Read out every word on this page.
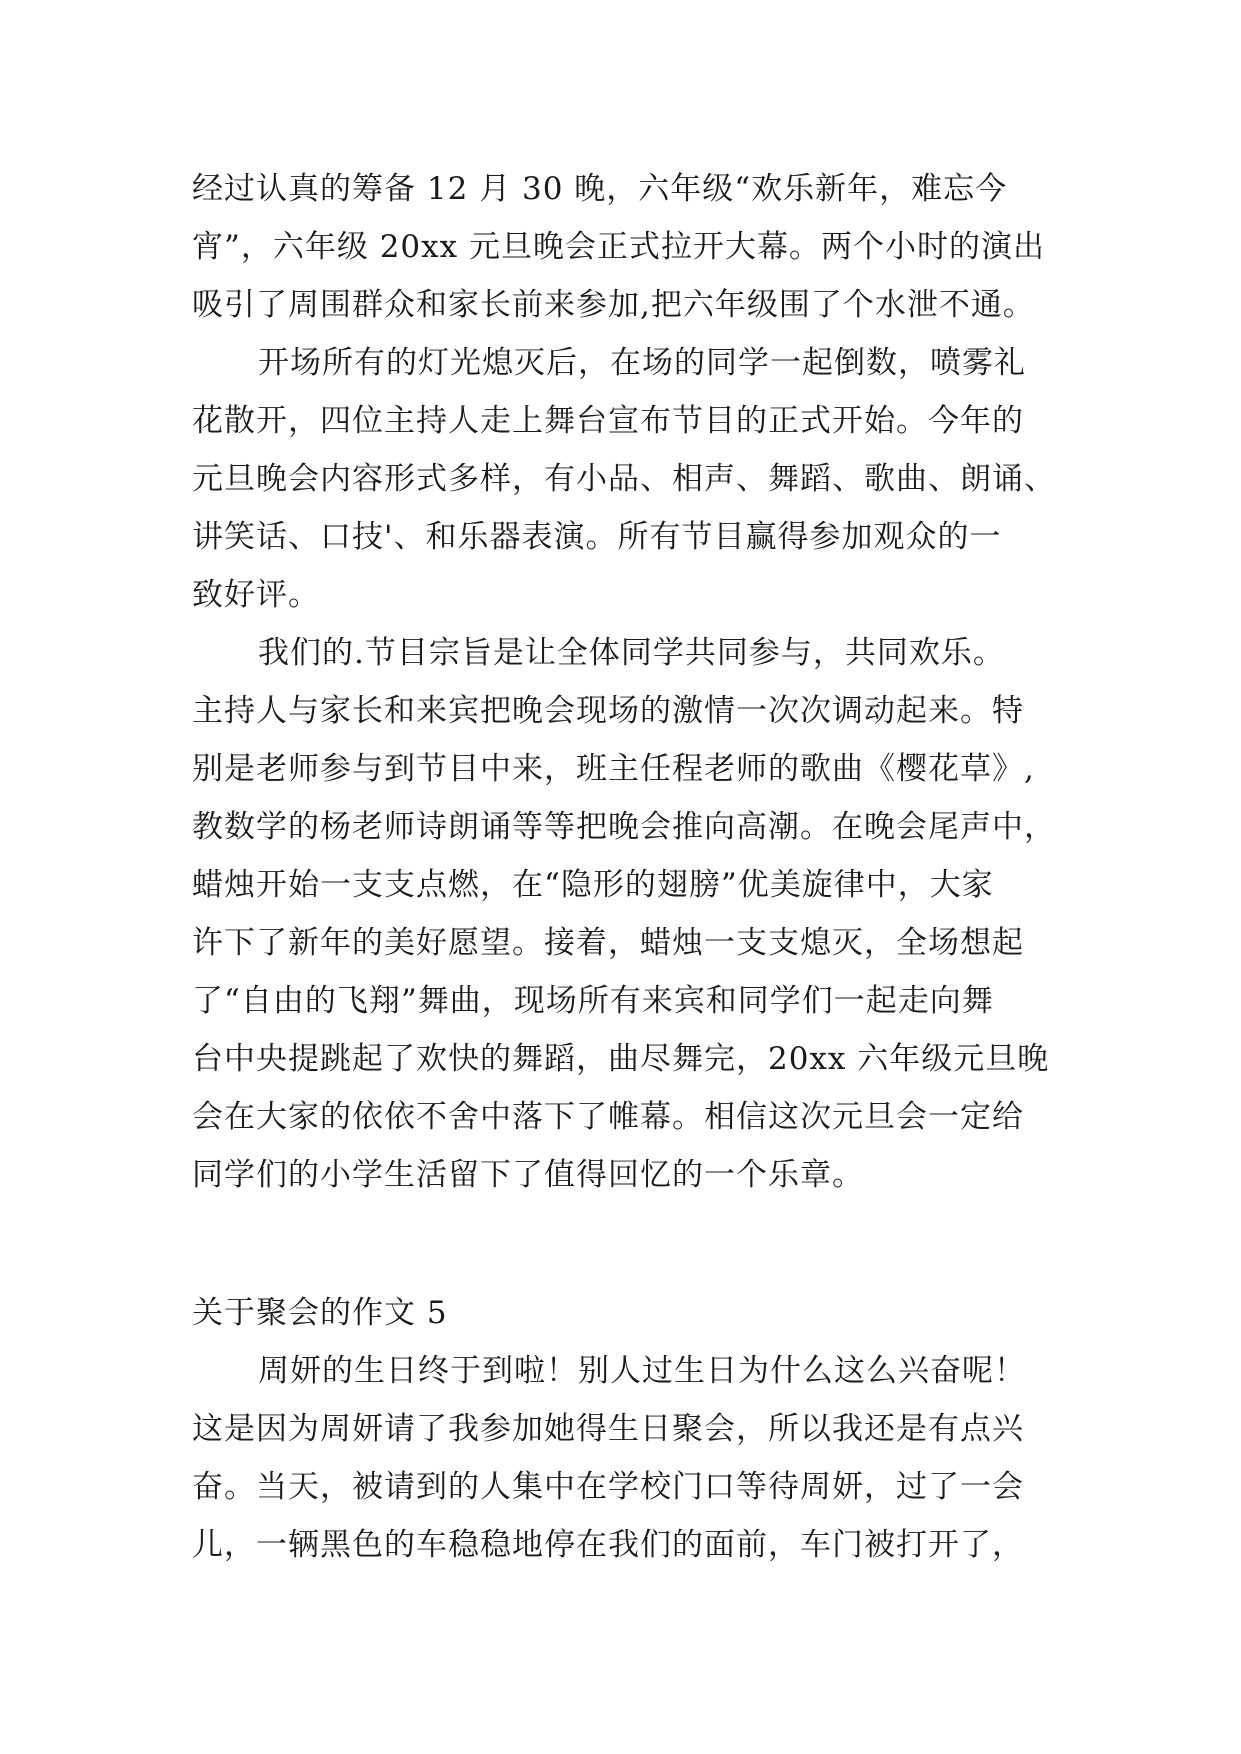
经过认真的筹备 12 月 30 晚，六年级“欢乐新年，难忘今
宵”，六年级 20xx 元旦晚会正式拉开大幕。两个小时的演出
吸引了周围群众和家长前来参加,把六年级围了个水泄不通。
开场所有的灯光熄灭后，在场的同学一起倒数，喷雾礼
花散开，四位主持人走上舞台宣布节目的正式开始。今年的
元旦晚会内容形式多样，有小品、相声、舞蹈、歌曲、朗诵、
讲笑话、口技'、和乐器表演。所有节目赢得参加观众的一
致好评。
我们的.节目宗旨是让全体同学共同参与，共同欢乐。
主持人与家长和来宾把晚会现场的激情一次次调动起来。特
别是老师参与到节目中来，班主任程老师的歌曲《樱花草》,
教数学的杨老师诗朗诵等等把晚会推向高潮。在晚会尾声中，
蜡烛开始一支支点燃，在“隐形的翅膀”优美旋律中，大家
许下了新年的美好愿望。接着，蜡烛一支支熄灭，全场想起
了“自由的飞翔”舞曲，现场所有来宾和同学们一起走向舞
台中央提跳起了欢快的舞蹈，曲尽舞完，20xx 六年级元旦晚
会在大家的依依不舍中落下了帷幕。相信这次元旦会一定给
同学们的小学生活留下了值得回忆的一个乐章。
关于聚会的作文 5
周妍的生日终于到啦！别人过生日为什么这么兴奋呢！
这是因为周妍请了我参加她得生日聚会，所以我还是有点兴
奋。当天，被请到的人集中在学校门口等待周妍，过了一会
儿，一辆黑色的车稳稳地停在我们的面前，车门被打开了，
